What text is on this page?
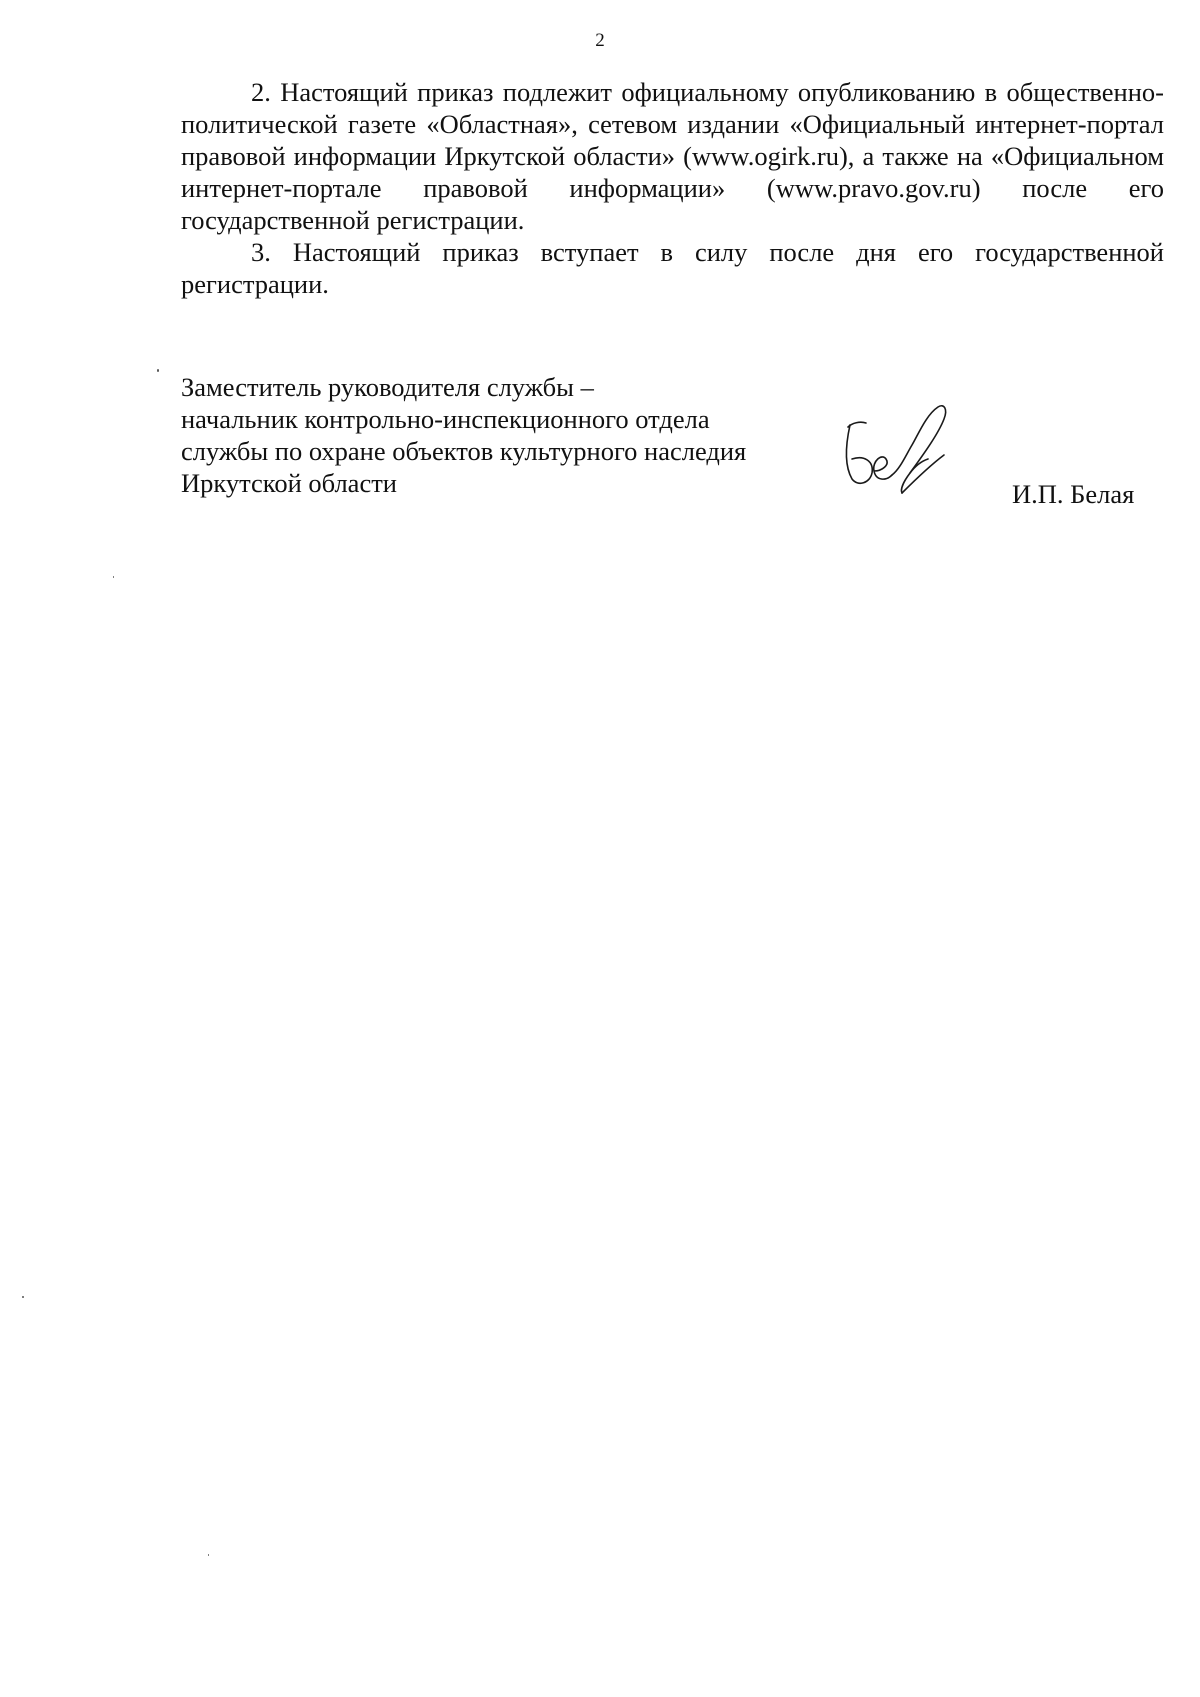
2

2. Настоящий приказ подлежит официальному опубликованию в общественно-политической газете «Областная», сетевом издании «Официальный интернет-портал правовой информации Иркутской области» (www.ogirk.ru), а также на «Официальном интернет-портале правовой информации» (www.pravo.gov.ru) после его государственной регистрации.

3. Настоящий приказ вступает в силу после дня его государственной регистрации.

Заместитель руководителя службы –
начальник контрольно-инспекционного отдела
службы по охране объектов культурного наследия
Иркутской области	И.П. Белая
